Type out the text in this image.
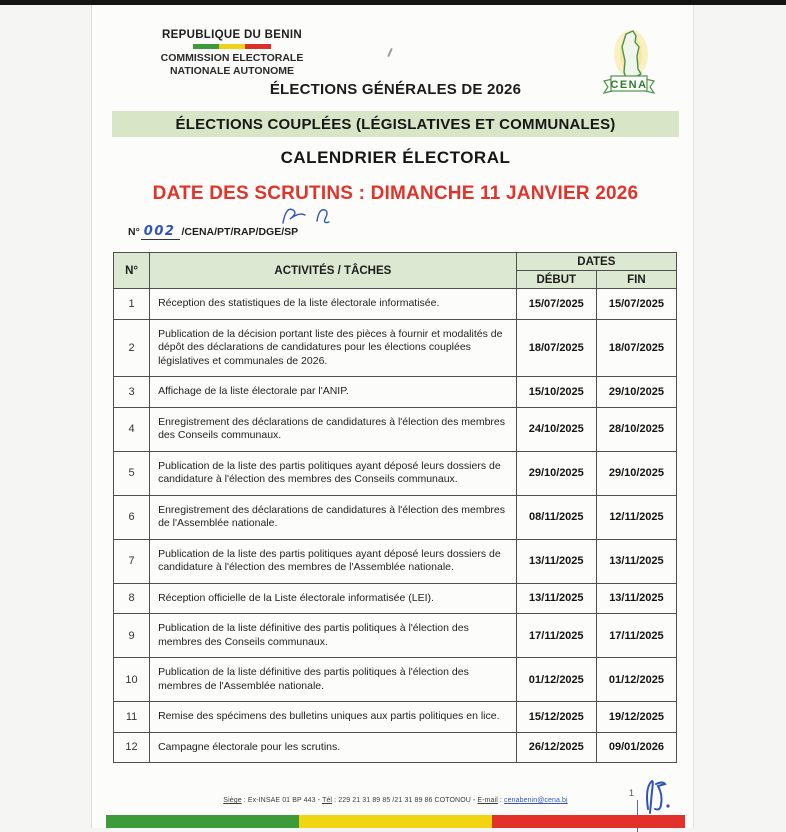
REPUBLIQUE DU BENIN
COMMISSION ELECTORALE
NATIONALE AUTONOME
CENA
ÉLECTIONS GÉNÉRALES DE 2026
ÉLECTIONS COUPLÉES (LÉGISLATIVES ET COMMUNALES)
CALENDRIER ÉLECTORAL
DATE DES SCRUTINS : DIMANCHE 11 JANVIER 2026
N° 002 /CENA/PT/RAP/DGE/SP
N°	ACTIVITÉS / TÂCHES	DATES	
		DÉBUT	FIN
1	Réception des statistiques de la liste électorale informatisée.	15/07/2025	15/07/2025
2	Publication de la décision portant liste des pièces à fournir et modalités de dépôt des déclarations de candidatures pour les élections couplées législatives et communales de 2026.	18/07/2025	18/07/2025
3	Affichage de la liste électorale par l'ANIP.	15/10/2025	29/10/2025
4	Enregistrement des déclarations de candidatures à l'élection des membres des Conseils communaux.	24/10/2025	28/10/2025
5	Publication de la liste des partis politiques ayant déposé leurs dossiers de candidature à l'élection des membres des Conseils communaux.	29/10/2025	29/10/2025
6	Enregistrement des déclarations de candidatures à l'élection des membres de l'Assemblée nationale.	08/11/2025	12/11/2025
7	Publication de la liste des partis politiques ayant déposé leurs dossiers de candidature à l'élection des membres de l'Assemblée nationale.	13/11/2025	13/11/2025
8	Réception officielle de la Liste électorale informatisée (LEI).	13/11/2025	13/11/2025
9	Publication de la liste définitive des partis politiques à l'élection des membres des Conseils communaux.	17/11/2025	17/11/2025
10	Publication de la liste définitive des partis politiques à l'élection des membres de l'Assemblée nationale.	01/12/2025	01/12/2025
11	Remise des spécimens des bulletins uniques aux partis politiques en lice.	15/12/2025	19/12/2025
12	Campagne électorale pour les scrutins.	26/12/2025	09/01/2026
Siège : Ex-INSAE 01 BP 443 - Tél : 229 21 31 89 85 /21 31 89 86 COTONOU - E-mail : cenabenin@cena.bj
1
